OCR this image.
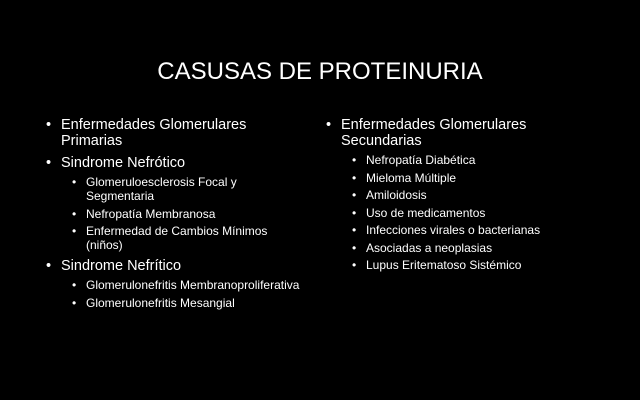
CASUSAS DE PROTEINURIA
• Enfermedades Glomerulares Primarias
• Sindrome Nefrótico
• Glomeruloesclerosis Focal y Segmentaria
• Nefropatía Membranosa
• Enfermedad de Cambios Mínimos (niños)
• Sindrome Nefrítico
• Glomerulonefritis Membranoproliferativa
• Glomerulonefritis Mesangial
• Enfermedades Glomerulares Secundarias
• Nefropatía Diabética
• Mieloma Múltiple
• Amiloidosis
• Uso de medicamentos
• Infecciones virales o bacterianas
• Asociadas a neoplasias
• Lupus Eritematoso Sistémico
